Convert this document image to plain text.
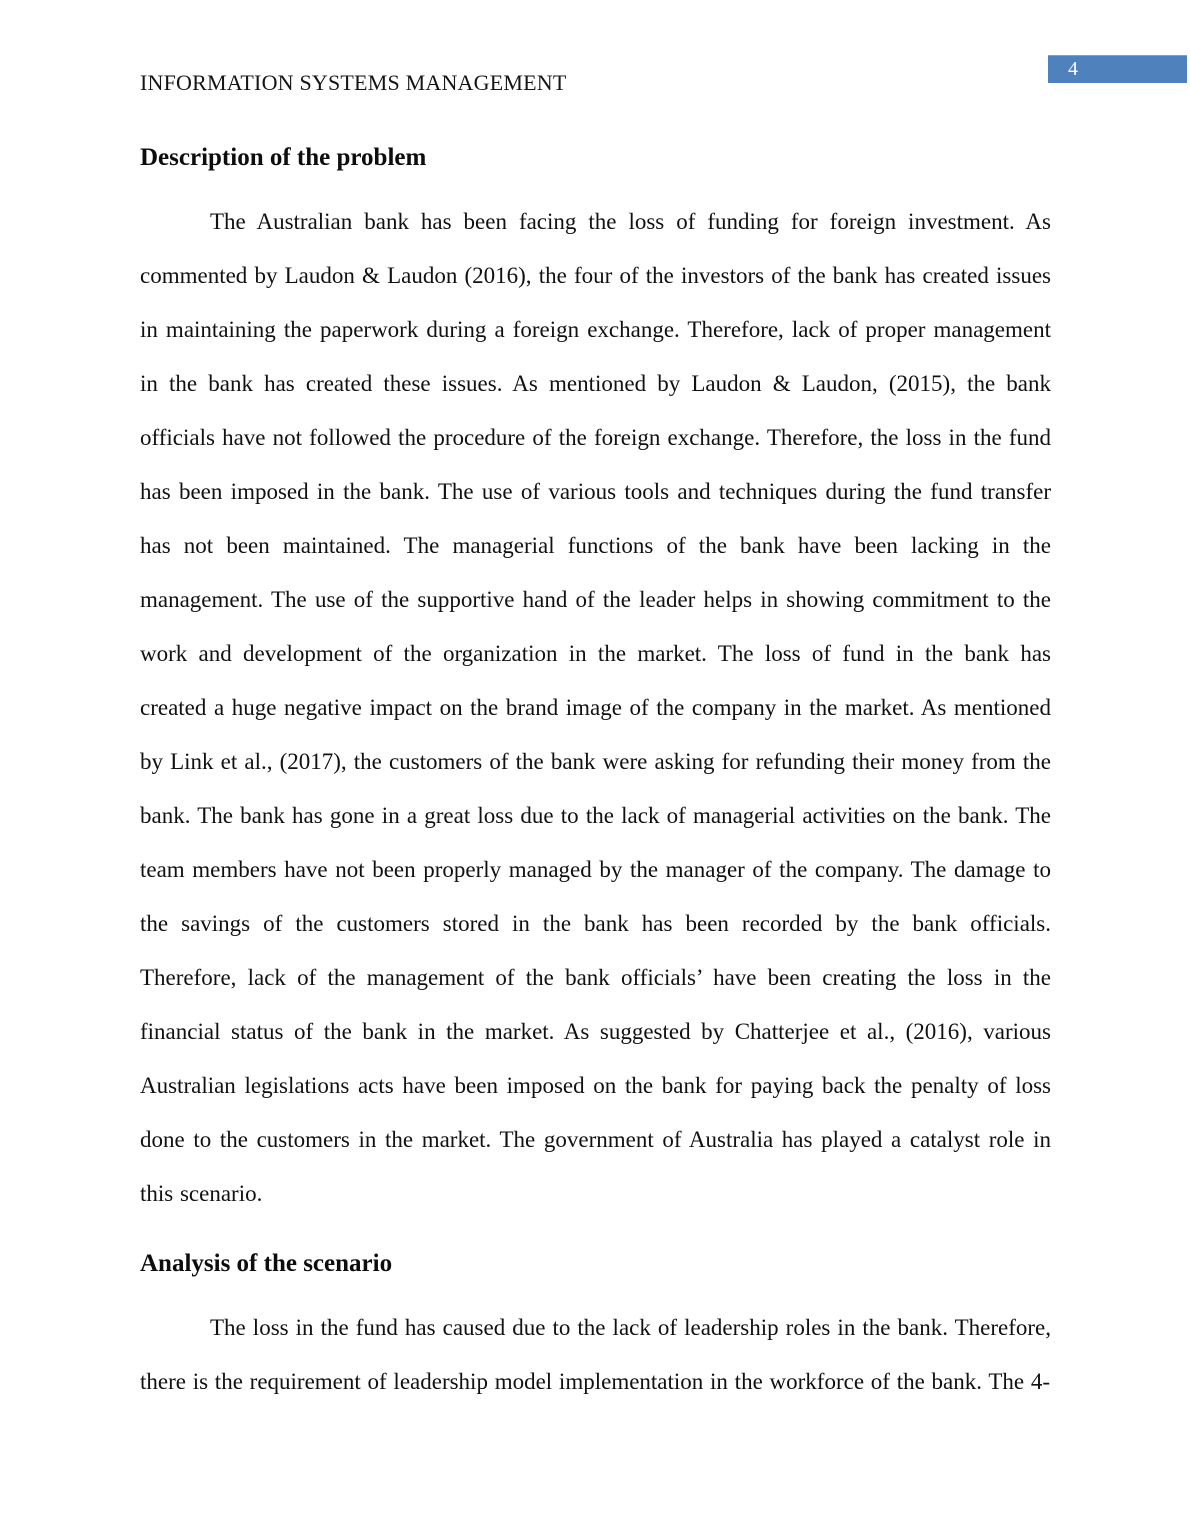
INFORMATION SYSTEMS MANAGEMENT
4
Description of the problem

The Australian bank has been facing the loss of funding for foreign investment. As commented by Laudon & Laudon (2016), the four of the investors of the bank has created issues in maintaining the paperwork during a foreign exchange. Therefore, lack of proper management in the bank has created these issues. As mentioned by Laudon & Laudon, (2015), the bank officials have not followed the procedure of the foreign exchange. Therefore, the loss in the fund has been imposed in the bank. The use of various tools and techniques during the fund transfer has not been maintained. The managerial functions of the bank have been lacking in the management. The use of the supportive hand of the leader helps in showing commitment to the work and development of the organization in the market. The loss of fund in the bank has created a huge negative impact on the brand image of the company in the market. As mentioned by Link et al., (2017), the customers of the bank were asking for refunding their money from the bank. The bank has gone in a great loss due to the lack of managerial activities on the bank. The team members have not been properly managed by the manager of the company. The damage to the savings of the customers stored in the bank has been recorded by the bank officials. Therefore, lack of the management of the bank officials’ have been creating the loss in the financial status of the bank in the market. As suggested by Chatterjee et al., (2016), various Australian legislations acts have been imposed on the bank for paying back the penalty of loss done to the customers in the market. The government of Australia has played a catalyst role in this scenario.

Analysis of the scenario

The loss in the fund has caused due to the lack of leadership roles in the bank. Therefore, there is the requirement of leadership model implementation in the workforce of the bank. The 4-
